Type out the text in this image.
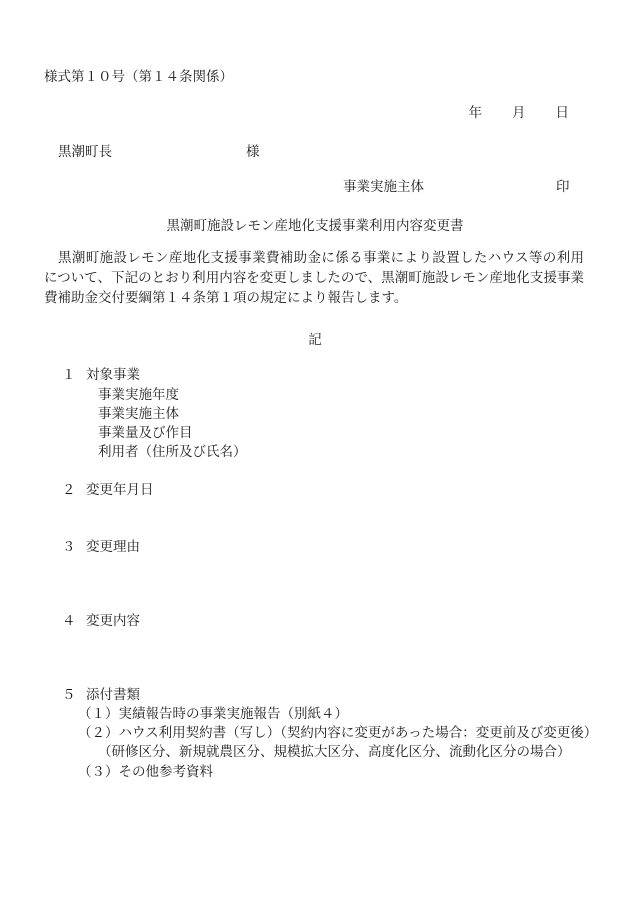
様式第１０号（第１４条関係）
年 月 日
黒潮町長	様
事業実施主体	印
黒潮町施設レモン産地化支援事業利用内容変更書
黒潮町施設レモン産地化支援事業費補助金に係る事業により設置したハウス等の利用について、下記のとおり利用内容を変更しましたので、黒潮町施設レモン産地化支援事業費補助金交付要綱第１４条第１項の規定により報告します。
記
１ 対象事業
事業実施年度
事業実施主体
事業量及び作目
利用者（住所及び氏名）
２ 変更年月日
３ 変更理由
４ 変更内容
５ 添付書類
（１）実績報告時の事業実施報告（別紙４）
（２）ハウス利用契約書（写し）（契約内容に変更があった場合：変更前及び変更後）
（研修区分、新規就農区分、規模拡大区分、高度化区分、流動化区分の場合）
（３）その他参考資料
